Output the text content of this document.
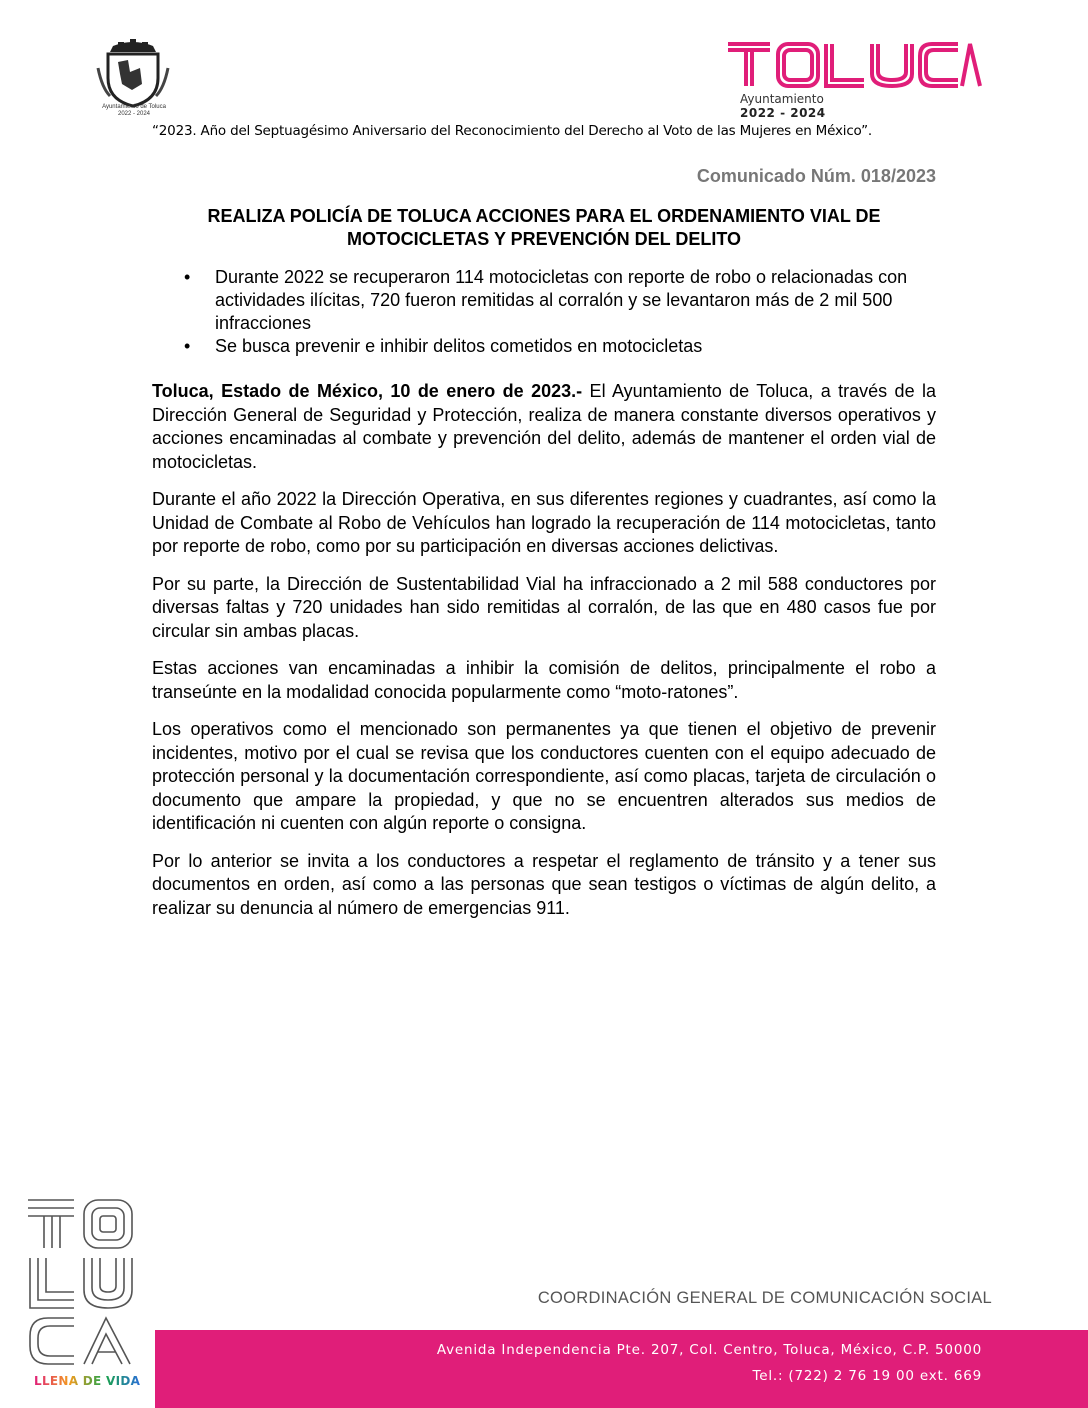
Ayuntamiento de Toluca
2022 - 2024
Ayuntamiento
2022 - 2024
“2023. Año del Septuagésimo Aniversario del Reconocimiento del Derecho al Voto de las Mujeres en México”.
Comunicado Núm. 018/2023
REALIZA POLICÍA DE TOLUCA ACCIONES PARA EL ORDENAMIENTO VIAL DE
MOTOCICLETAS Y PREVENCIÓN DEL DELITO
• Durante 2022 se recuperaron 114 motocicletas con reporte de robo o relacionadas con actividades ilícitas, 720 fueron remitidas al corralón y se levantaron más de 2 mil 500 infracciones
• Se busca prevenir e inhibir delitos cometidos en motocicletas

Toluca, Estado de México, 10 de enero de 2023.- El Ayuntamiento de Toluca, a través de la Dirección General de Seguridad y Protección, realiza de manera constante diversos operativos y acciones encaminadas al combate y prevención del delito, además de mantener el orden vial de motocicletas.

Durante el año 2022 la Dirección Operativa, en sus diferentes regiones y cuadrantes, así como la Unidad de Combate al Robo de Vehículos han logrado la recuperación de 114 motocicletas, tanto por reporte de robo, como por su participación en diversas acciones delictivas.

Por su parte, la Dirección de Sustentabilidad Vial ha infraccionado a 2 mil 588 conductores por diversas faltas y 720 unidades han sido remitidas al corralón, de las que en 480 casos fue por circular sin ambas placas.

Estas acciones van encaminadas a inhibir la comisión de delitos, principalmente el robo a transeúnte en la modalidad conocida popularmente como “moto-ratones”.

Los operativos como el mencionado son permanentes ya que tienen el objetivo de prevenir incidentes, motivo por el cual se revisa que los conductores cuenten con el equipo adecuado de protección personal y la documentación correspondiente, así como placas, tarjeta de circulación o documento que ampare la propiedad, y que no se encuentren alterados sus medios de identificación ni cuenten con algún reporte o consigna.

Por lo anterior se invita a los conductores a respetar el reglamento de tránsito y a tener sus documentos en orden, así como a las personas que sean testigos o víctimas de algún delito, a realizar su denuncia al número de emergencias 911.

LLENA DE VIDA
COORDINACIÓN GENERAL DE COMUNICACIÓN SOCIAL
Avenida Independencia Pte. 207, Col. Centro, Toluca, México, C.P. 50000
Tel.: (722) 2 76 19 00 ext. 669
